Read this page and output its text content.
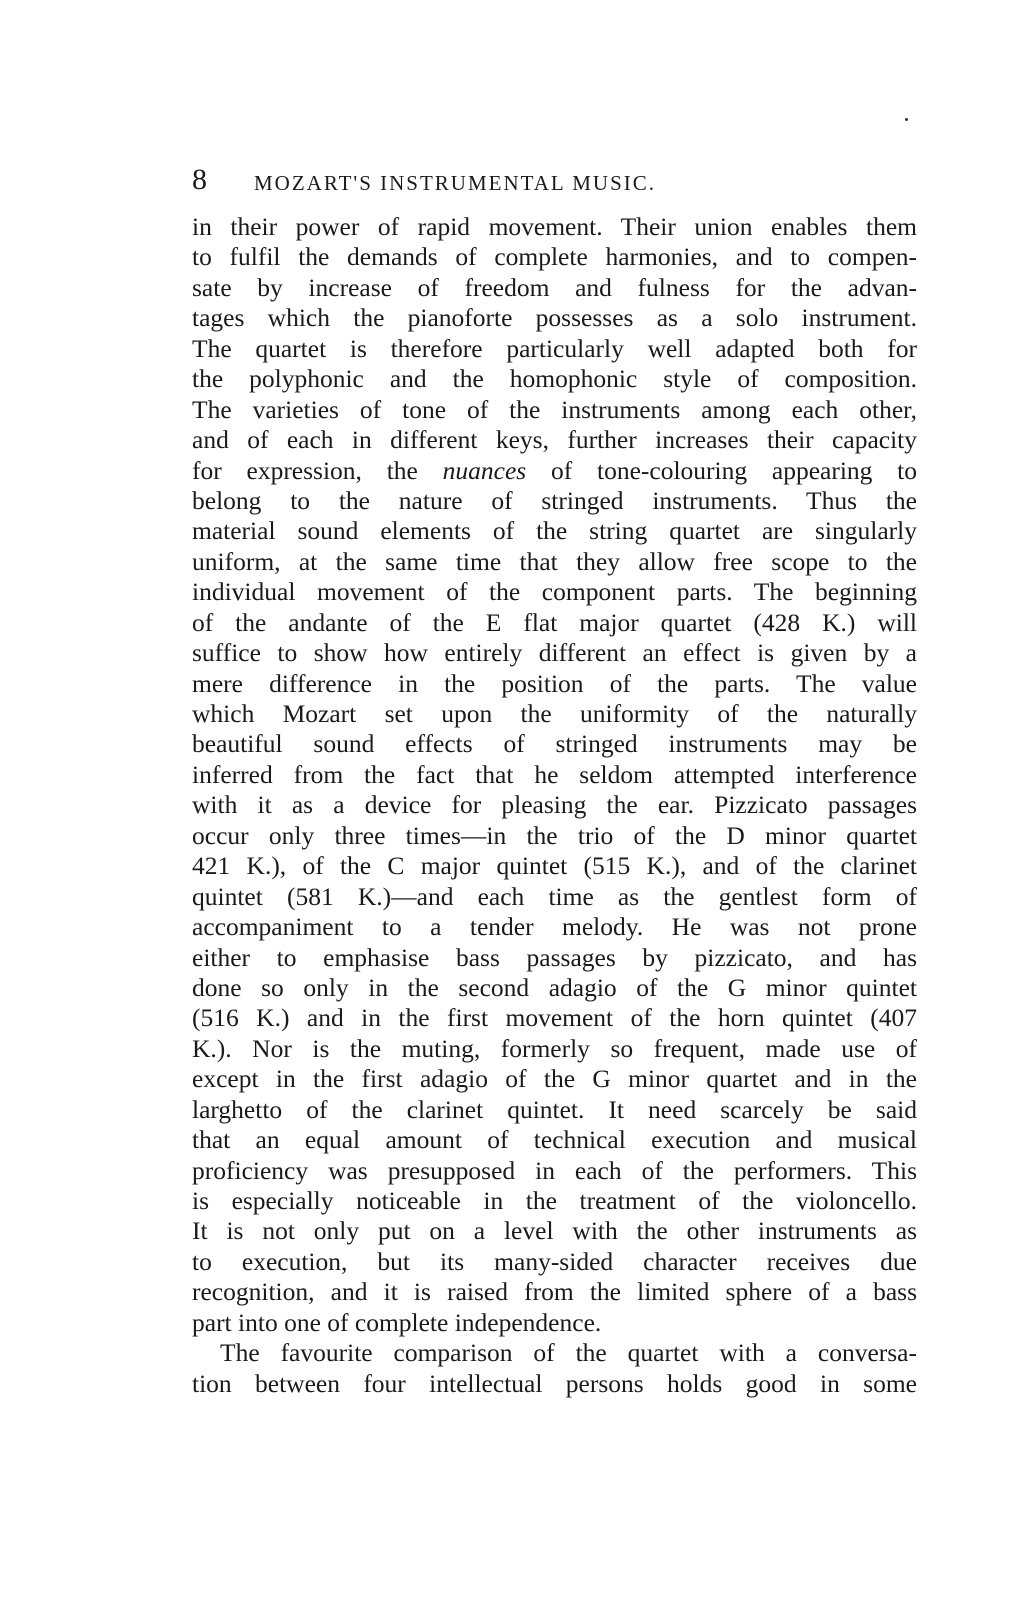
8 MOZART'S INSTRUMENTAL MUSIC.
in their power of rapid movement. Their union enables them
to fulfil the demands of complete harmonies, and to compen-
sate by increase of freedom and fulness for the advan-
tages which the pianoforte possesses as a solo instrument.
The quartet is therefore particularly well adapted both for
the polyphonic and the homophonic style of composition.
The varieties of tone of the instruments among each other,
and of each in different keys, further increases their capacity
for expression, the nuances of tone-colouring appearing to
belong to the nature of stringed instruments. Thus the
material sound elements of the string quartet are singularly
uniform, at the same time that they allow free scope to the
individual movement of the component parts. The beginning
of the andante of the E flat major quartet (428 K.) will
suffice to show how entirely different an effect is given by a
mere difference in the position of the parts. The value
which Mozart set upon the uniformity of the naturally
beautiful sound effects of stringed instruments may be
inferred from the fact that he seldom attempted interference
with it as a device for pleasing the ear. Pizzicato passages
occur only three times—in the trio of the D minor quartet
421 K.), of the C major quintet (515 K.), and of the clarinet
quintet (581 K.)—and each time as the gentlest form of
accompaniment to a tender melody. He was not prone
either to emphasise bass passages by pizzicato, and has
done so only in the second adagio of the G minor quintet
(516 K.) and in the first movement of the horn quintet (407
K.). Nor is the muting, formerly so frequent, made use of
except in the first adagio of the G minor quartet and in the
larghetto of the clarinet quintet. It need scarcely be said
that an equal amount of technical execution and musical
proficiency was presupposed in each of the performers. This
is especially noticeable in the treatment of the violoncello.
It is not only put on a level with the other instruments as
to execution, but its many-sided character receives due
recognition, and it is raised from the limited sphere of a bass
part into one of complete independence.
The favourite comparison of the quartet with a conversa-
tion between four intellectual persons holds good in some
